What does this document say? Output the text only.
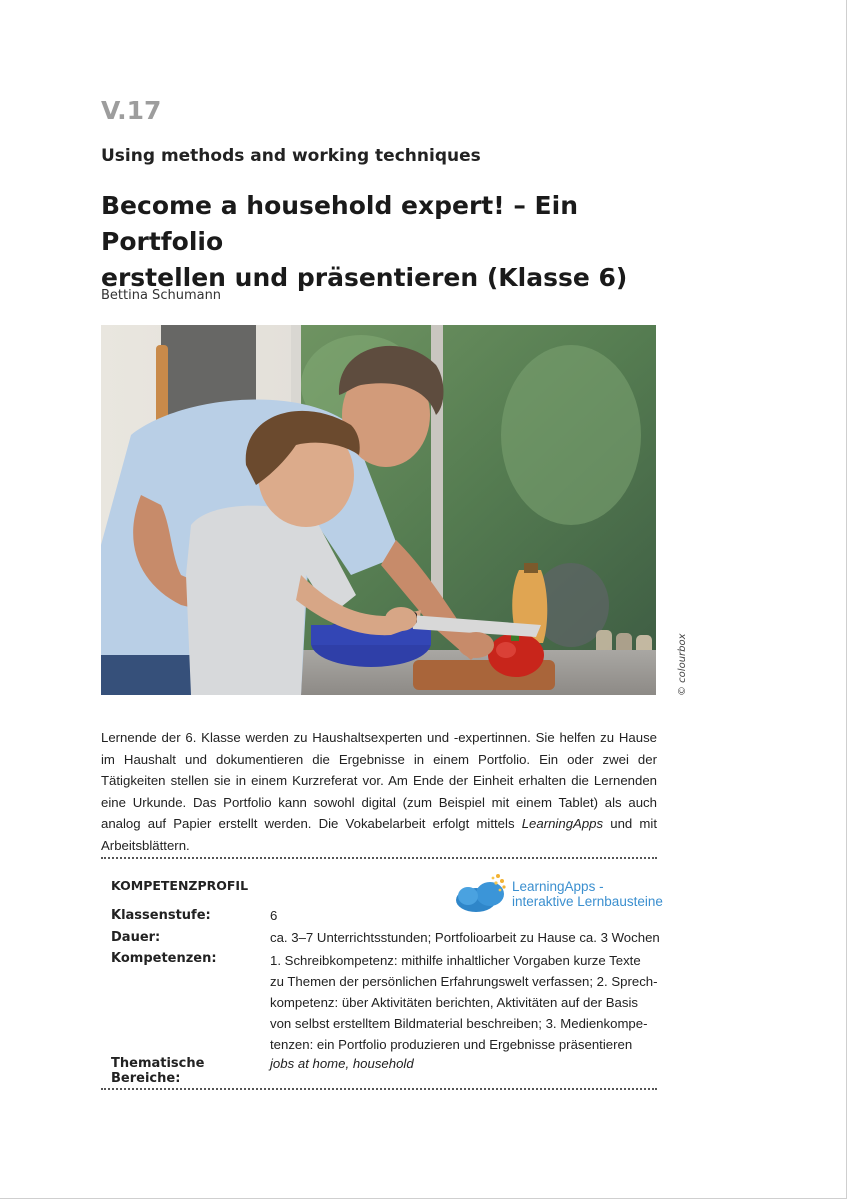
V.17
Using methods and working techniques
Become a household expert! – Ein Portfolio
erstellen und präsentieren (Klasse 6)
Bettina Schumann
© colourbox

Lernende der 6. Klasse werden zu Haushaltsexperten und -expertinnen. Sie helfen zu Hause im Haushalt und dokumentieren die Ergebnisse in einem Portfolio. Ein oder zwei der Tätigkeiten stellen sie in einem Kurzreferat vor. Am Ende der Einheit erhalten die Lernenden eine Urkunde. Das Portfolio kann sowohl digital (zum Beispiel mit einem Tablet) als auch analog auf Papier erstellt werden. Die Vokabelarbeit erfolgt mittels LearningApps und mit Arbeitsblättern.

KOMPETENZPROFIL	LearningApps -
interaktive Lernbausteine
Klassenstufe:	6
Dauer:	ca. 3–7 Unterrichtsstunden; Portfolioarbeit zu Hause ca. 3 Wochen
Kompetenzen:	1. Schreibkompetenz: mithilfe inhaltlicher Vorgaben kurze Texte
zu Themen der persönlichen Erfahrungswelt verfassen; 2. Sprech-
kompetenz: über Aktivitäten berichten, Aktivitäten auf der Basis
von selbst erstelltem Bildmaterial beschreiben; 3. Medienkompe-
tenzen: ein Portfolio produzieren und Ergebnisse präsentieren
Thematische Bereiche:
jobs at home, household
